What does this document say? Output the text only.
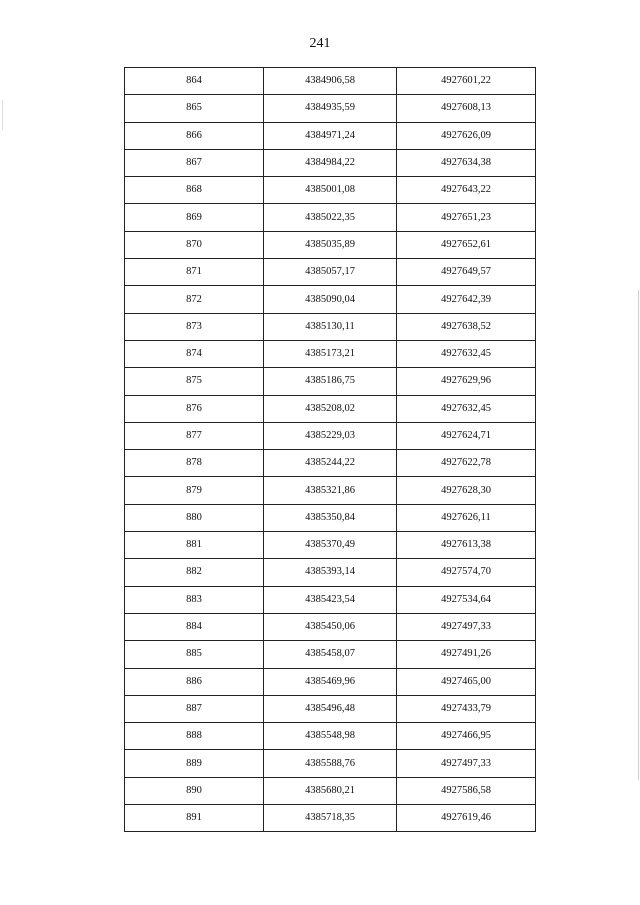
241
864	4384906,58	4927601,22
865	4384935,59	4927608,13
866	4384971,24	4927626,09
867	4384984,22	4927634,38
868	4385001,08	4927643,22
869	4385022,35	4927651,23
870	4385035,89	4927652,61
871	4385057,17	4927649,57
872	4385090,04	4927642,39
873	4385130,11	4927638,52
874	4385173,21	4927632,45
875	4385186,75	4927629,96
876	4385208,02	4927632,45
877	4385229,03	4927624,71
878	4385244,22	4927622,78
879	4385321,86	4927628,30
880	4385350,84	4927626,11
881	4385370,49	4927613,38
882	4385393,14	4927574,70
883	4385423,54	4927534,64
884	4385450,06	4927497,33
885	4385458,07	4927491,26
886	4385469,96	4927465,00
887	4385496,48	4927433,79
888	4385548,98	4927466,95
889	4385588,76	4927497,33
890	4385680,21	4927586,58
891	4385718,35	4927619,46
